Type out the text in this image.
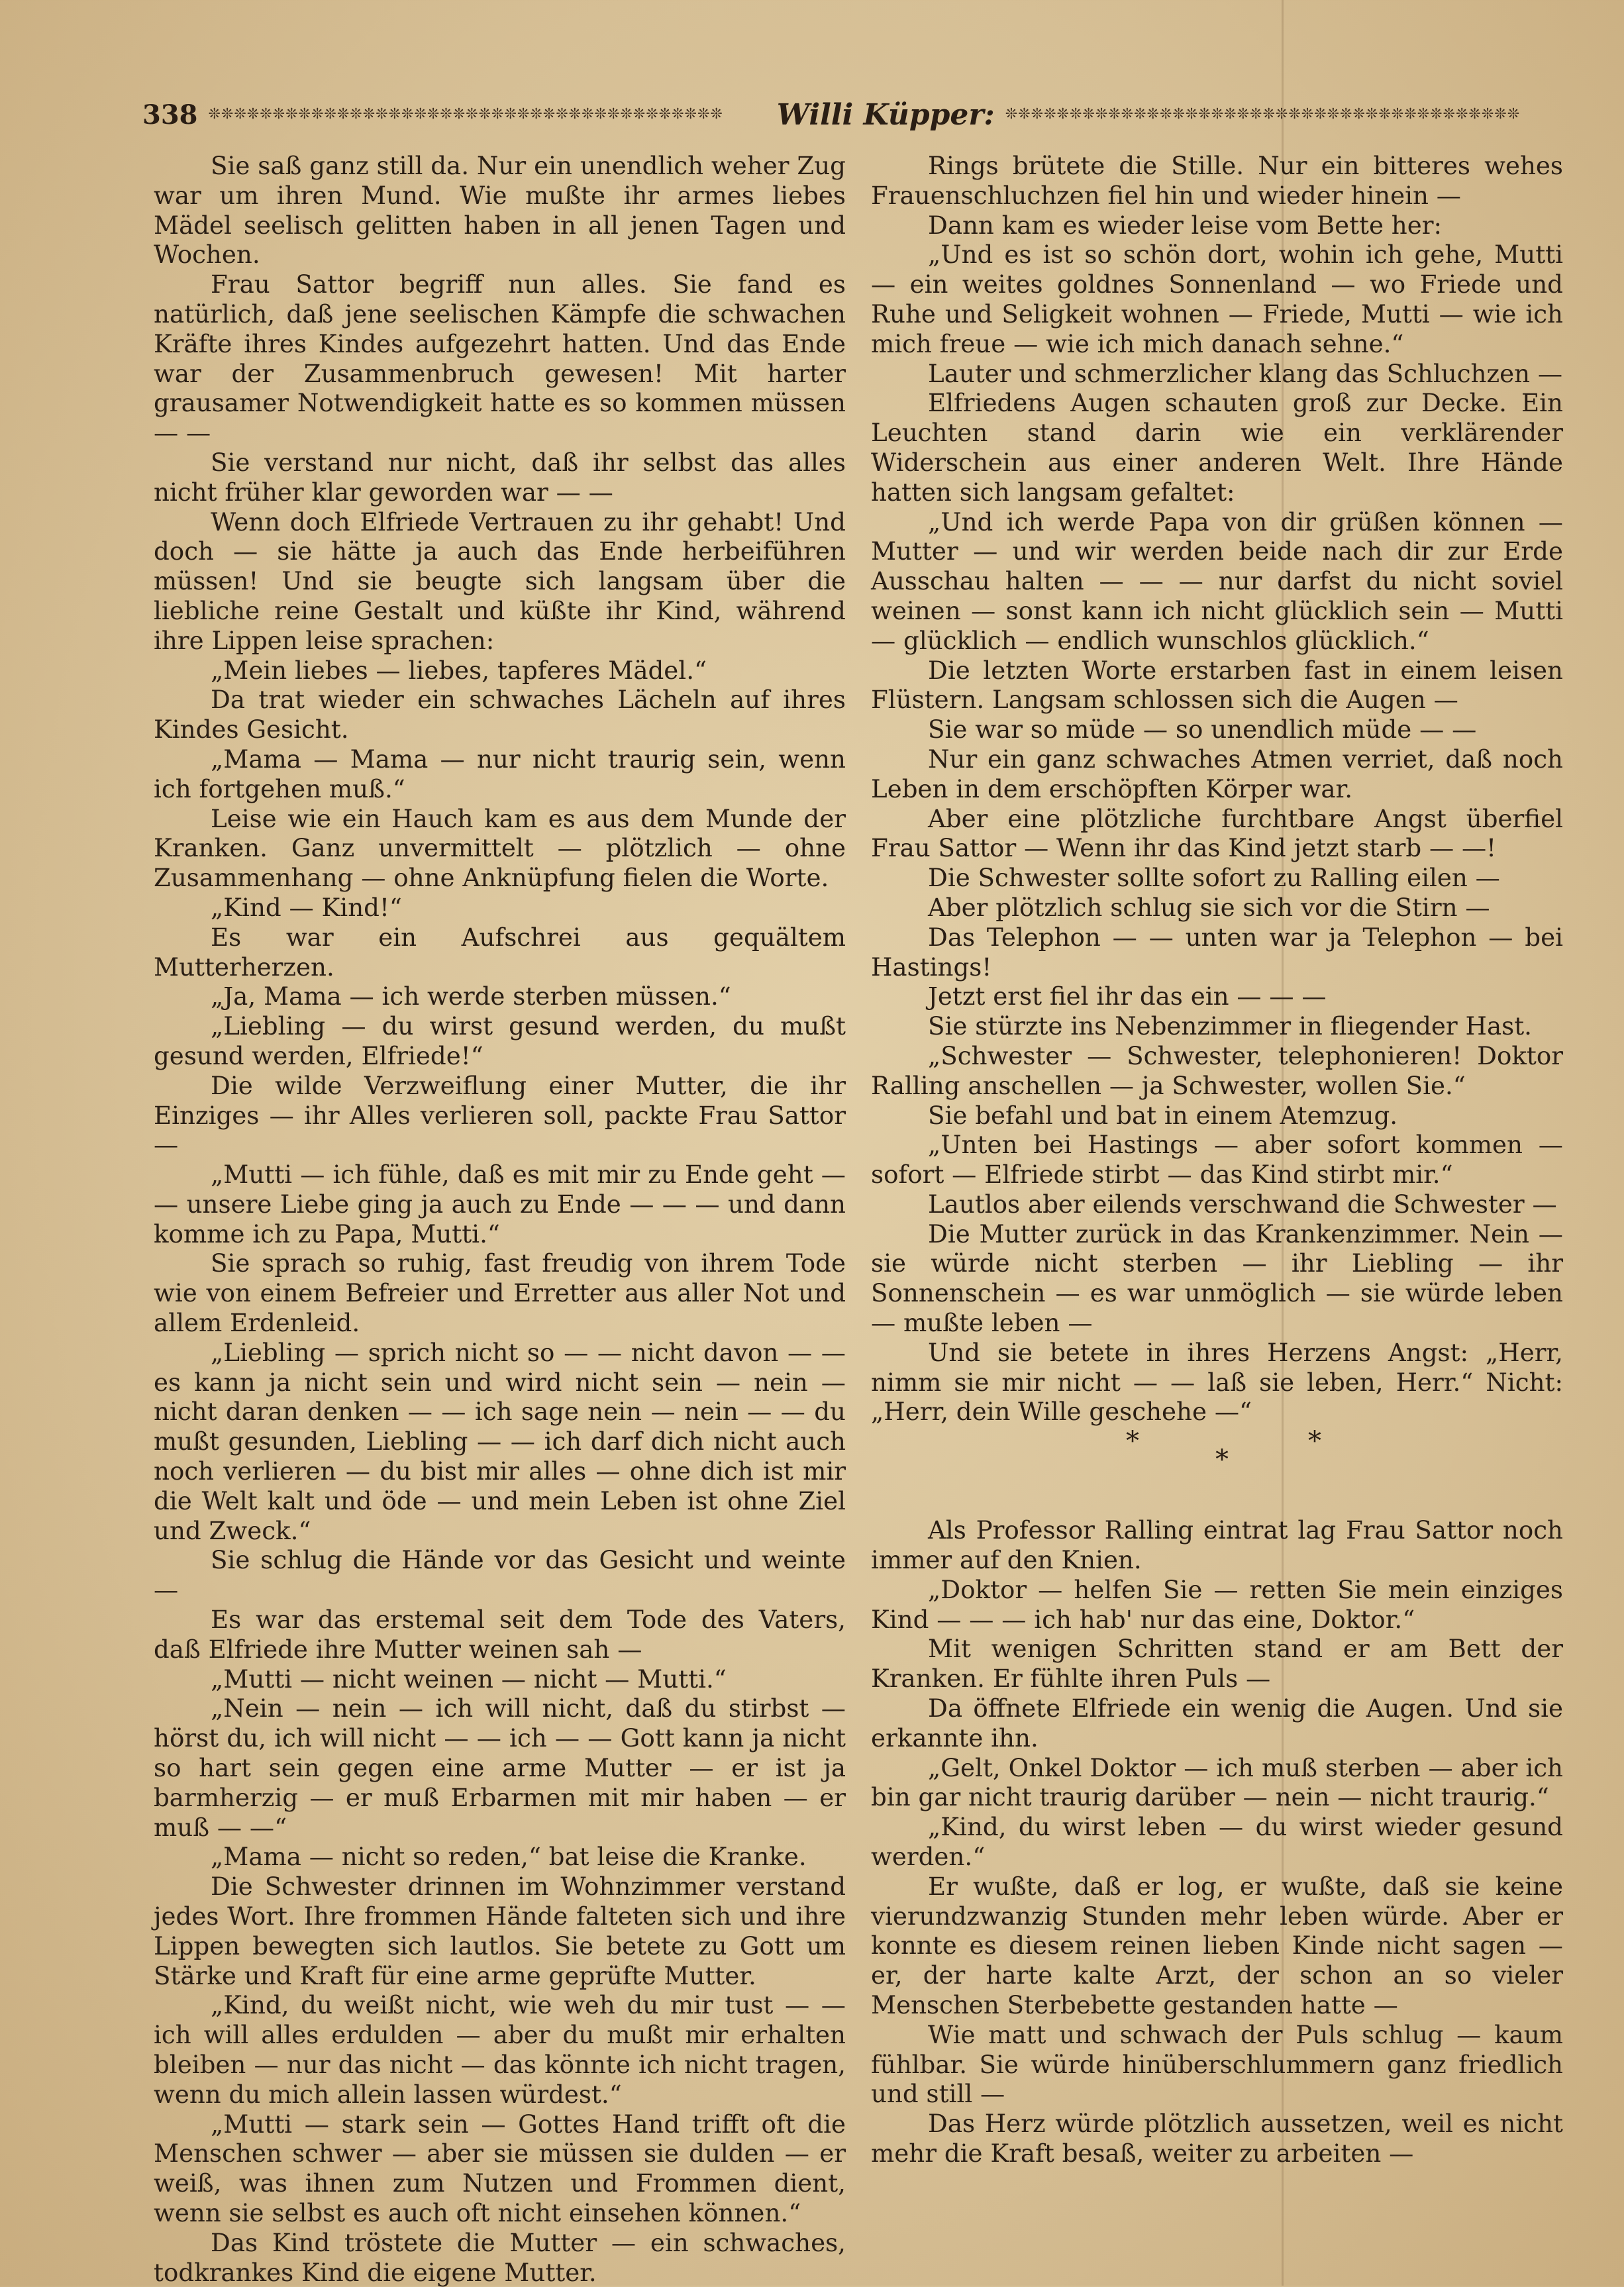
338 ❊❊❊❊❊❊❊❊❊❊❊❊❊❊❊❊❊❊❊❊❊❊❊❊❊❊❊❊❊❊❊❊❊❊❊❊❊❊❊❊	Willi Küpper: ❊❊❊❊❊❊❊❊❊❊❊❊❊❊❊❊❊❊❊❊❊❊❊❊❊❊❊❊❊❊❊❊❊❊❊❊❊❊❊❊

Sie saß ganz still da. Nur ein unendlich weher Zug war um ihren Mund. Wie mußte ihr armes liebes Mädel seelisch gelitten haben in all jenen Tagen und Wochen.

Frau Sattor begriff nun alles. Sie fand es natürlich, daß jene seelischen Kämpfe die schwachen Kräfte ihres Kindes aufgezehrt hatten. Und das Ende war der Zusammenbruch gewesen! Mit harter grausamer Notwendigkeit hatte es so kommen müssen — —

Sie verstand nur nicht, daß ihr selbst das alles nicht früher klar geworden war — —

Wenn doch Elfriede Vertrauen zu ihr gehabt! Und doch — sie hätte ja auch das Ende herbeiführen müssen! Und sie beugte sich langsam über die liebliche reine Gestalt und küßte ihr Kind, während ihre Lippen leise sprachen:

„Mein liebes — liebes, tapferes Mädel.“

Da trat wieder ein schwaches Lächeln auf ihres Kindes Gesicht.

„Mama — Mama — nur nicht traurig sein, wenn ich fortgehen muß.“

Leise wie ein Hauch kam es aus dem Munde der Kranken. Ganz unvermittelt — plötzlich — ohne Zusammenhang — ohne Anknüpfung fielen die Worte.

„Kind — Kind!“

Es war ein Aufschrei aus gequältem Mutterherzen.

„Ja, Mama — ich werde sterben müssen.“

„Liebling — du wirst gesund werden, du mußt gesund werden, Elfriede!“

Die wilde Verzweiflung einer Mutter, die ihr Einziges — ihr Alles verlieren soll, packte Frau Sattor —

„Mutti — ich fühle, daß es mit mir zu Ende geht — — unsere Liebe ging ja auch zu Ende — — — und dann komme ich zu Papa, Mutti.“

Sie sprach so ruhig, fast freudig von ihrem Tode wie von einem Befreier und Erretter aus aller Not und allem Erdenleid.

„Liebling — sprich nicht so — — nicht davon — — es kann ja nicht sein und wird nicht sein — nein — nicht daran denken — — ich sage nein — nein — — du mußt gesunden, Liebling — — ich darf dich nicht auch noch verlieren — du bist mir alles — ohne dich ist mir die Welt kalt und öde — und mein Leben ist ohne Ziel und Zweck.“

Sie schlug die Hände vor das Gesicht und weinte —

Es war das erstemal seit dem Tode des Vaters, daß Elfriede ihre Mutter weinen sah —

„Mutti — nicht weinen — nicht — Mutti.“

„Nein — nein — ich will nicht, daß du stirbst — hörst du, ich will nicht — — ich — — Gott kann ja nicht so hart sein gegen eine arme Mutter — er ist ja barmherzig — er muß Erbarmen mit mir haben — er muß — —“

„Mama — nicht so reden,“ bat leise die Kranke.

Die Schwester drinnen im Wohnzimmer verstand jedes Wort. Ihre frommen Hände falteten sich und ihre Lippen bewegten sich lautlos. Sie betete zu Gott um Stärke und Kraft für eine arme geprüfte Mutter.

„Kind, du weißt nicht, wie weh du mir tust — — ich will alles erdulden — aber du mußt mir erhalten bleiben — nur das nicht — das könnte ich nicht tragen, wenn du mich allein lassen würdest.“

„Mutti — stark sein — Gottes Hand trifft oft die Menschen schwer — aber sie müssen sie dulden — er weiß, was ihnen zum Nutzen und Frommen dient, wenn sie selbst es auch oft nicht einsehen können.“

Das Kind tröstete die Mutter — ein schwaches, todkrankes Kind die eigene Mutter.

Rings brütete die Stille. Nur ein bitteres wehes Frauenschluchzen fiel hin und wieder hinein —

Dann kam es wieder leise vom Bette her:

„Und es ist so schön dort, wohin ich gehe, Mutti — ein weites goldnes Sonnenland — wo Friede und Ruhe und Seligkeit wohnen — Friede, Mutti — wie ich mich freue — wie ich mich danach sehne.“

Lauter und schmerzlicher klang das Schluchzen —

Elfriedens Augen schauten groß zur Decke. Ein Leuchten stand darin wie ein verklärender Widerschein aus einer anderen Welt. Ihre Hände hatten sich langsam gefaltet:

„Und ich werde Papa von dir grüßen können — Mutter — und wir werden beide nach dir zur Erde Ausschau halten — — — nur darfst du nicht soviel weinen — sonst kann ich nicht glücklich sein — Mutti — glücklich — endlich wunschlos glücklich.“

Die letzten Worte erstarben fast in einem leisen Flüstern. Langsam schlossen sich die Augen —

Sie war so müde — so unendlich müde — —

Nur ein ganz schwaches Atmen verriet, daß noch Leben in dem erschöpften Körper war.

Aber eine plötzliche furchtbare Angst überfiel Frau Sattor — Wenn ihr das Kind jetzt starb — —!

Die Schwester sollte sofort zu Ralling eilen —

Aber plötzlich schlug sie sich vor die Stirn —

Das Telephon — — unten war ja Telephon — bei Hastings!

Jetzt erst fiel ihr das ein — — —

Sie stürzte ins Nebenzimmer in fliegender Hast.

„Schwester — Schwester, telephonieren! Doktor Ralling anschellen — ja Schwester, wollen Sie.“

Sie befahl und bat in einem Atemzug.

„Unten bei Hastings — aber sofort kommen — sofort — Elfriede stirbt — das Kind stirbt mir.“

Lautlos aber eilends verschwand die Schwester —

Die Mutter zurück in das Krankenzimmer. Nein — sie würde nicht sterben — ihr Liebling — ihr Sonnenschein — es war unmöglich — sie würde leben — mußte leben —

Und sie betete in ihres Herzens Angst: „Herr, nimm sie mir nicht — — laß sie leben, Herr.“ Nicht: „Herr, dein Wille geschehe —“

*
*
*

Als Professor Ralling eintrat lag Frau Sattor noch immer auf den Knien.

„Doktor — helfen Sie — retten Sie mein einziges Kind — — — ich hab' nur das eine, Doktor.“

Mit wenigen Schritten stand er am Bett der Kranken. Er fühlte ihren Puls —

Da öffnete Elfriede ein wenig die Augen. Und sie erkannte ihn.

„Gelt, Onkel Doktor — ich muß sterben — aber ich bin gar nicht traurig darüber — nein — nicht traurig.“

„Kind, du wirst leben — du wirst wieder gesund werden.“

Er wußte, daß er log, er wußte, daß sie keine vierundzwanzig Stunden mehr leben würde. Aber er konnte es diesem reinen lieben Kinde nicht sagen — er, der harte kalte Arzt, der schon an so vieler Menschen Sterbebette gestanden hatte —

Wie matt und schwach der Puls schlug — kaum fühlbar. Sie würde hinüberschlummern ganz friedlich und still —

Das Herz würde plötzlich aussetzen, weil es nicht mehr die Kraft besaß, weiter zu arbeiten —
